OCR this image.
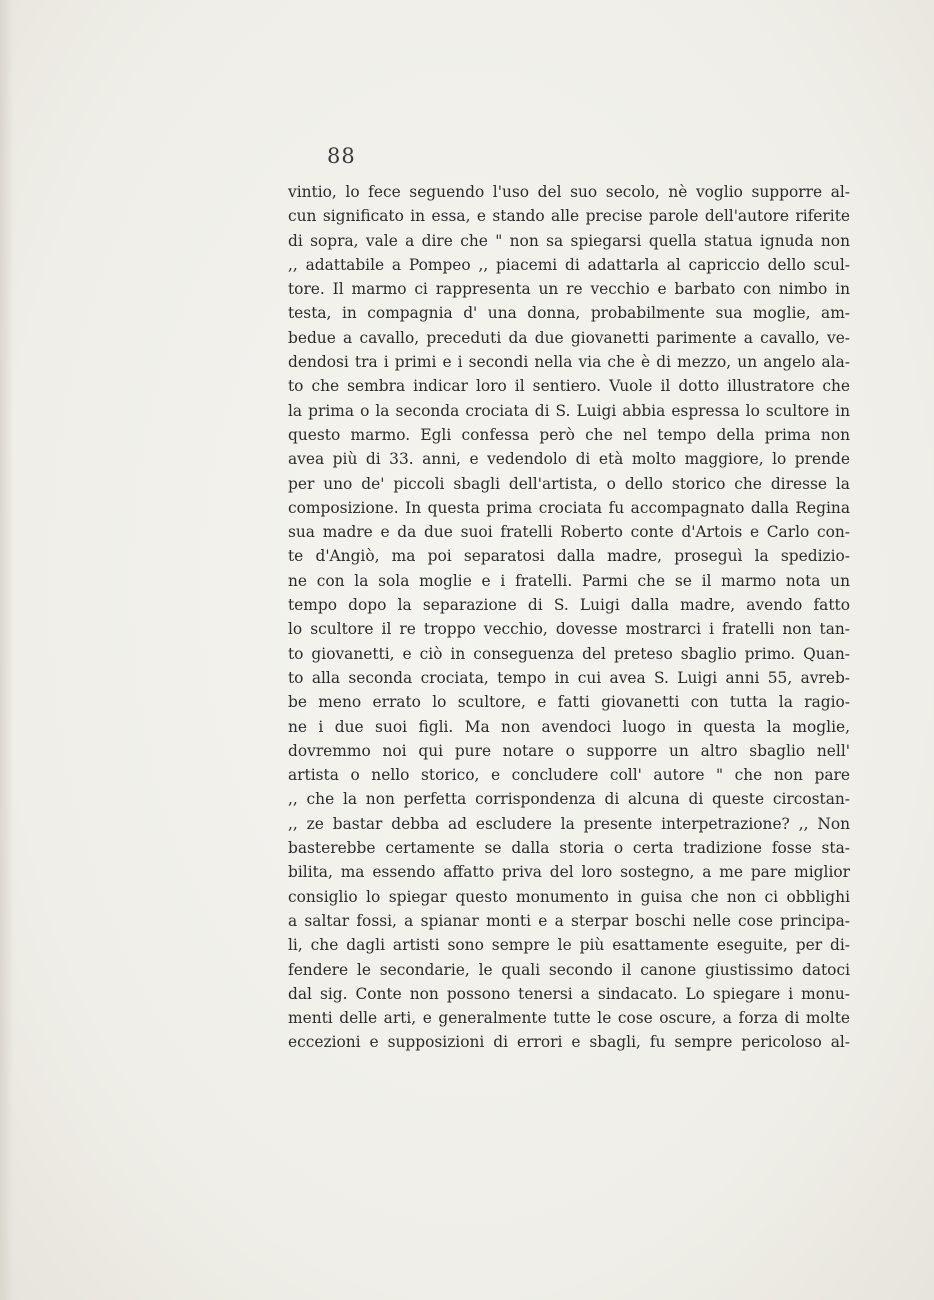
88
vintio, lo fece seguendo l'uso del suo secolo, nè voglio supporre al-
cun significato in essa, e stando alle precise parole dell'autore riferite
di sopra, vale a dire che " non sa spiegarsi quella statua ignuda non
,, adattabile a Pompeo ,, piacemi di adattarla al capriccio dello scul-
tore. Il marmo ci rappresenta un re vecchio e barbato con nimbo in
testa, in compagnia d' una donna, probabilmente sua moglie, am-
bedue a cavallo, preceduti da due giovanetti parimente a cavallo, ve-
dendosi tra i primi e i secondi nella via che è di mezzo, un angelo ala-
to che sembra indicar loro il sentiero. Vuole il dotto illustratore che
la prima o la seconda crociata di S. Luigi abbia espressa lo scultore in
questo marmo. Egli confessa però che nel tempo della prima non
avea più di 33. anni, e vedendolo di età molto maggiore, lo prende
per uno de' piccoli sbagli dell'artista, o dello storico che diresse la
composizione. In questa prima crociata fu accompagnato dalla Regina
sua madre e da due suoi fratelli Roberto conte d'Artois e Carlo con-
te d'Angiò, ma poi separatosi dalla madre, proseguì la spedizio-
ne con la sola moglie e i fratelli. Parmi che se il marmo nota un
tempo dopo la separazione di S. Luigi dalla madre, avendo fatto
lo scultore il re troppo vecchio, dovesse mostrarci i fratelli non tan-
to giovanetti, e ciò in conseguenza del preteso sbaglio primo. Quan-
to alla seconda crociata, tempo in cui avea S. Luigi anni 55, avreb-
be meno errato lo scultore, e fatti giovanetti con tutta la ragio-
ne i due suoi figli. Ma non avendoci luogo in questa la moglie,
dovremmo noi qui pure notare o supporre un altro sbaglio nell'
artista o nello storico, e concludere coll' autore " che non pare
,, che la non perfetta corrispondenza di alcuna di queste circostan-
,, ze bastar debba ad escludere la presente interpetrazione? ,, Non
basterebbe certamente se dalla storia o certa tradizione fosse sta-
bilita, ma essendo affatto priva del loro sostegno, a me pare miglior
consiglio lo spiegar questo monumento in guisa che non ci obblighi
a saltar fossi, a spianar monti e a sterpar boschi nelle cose principa-
li, che dagli artisti sono sempre le più esattamente eseguite, per di-
fendere le secondarie, le quali secondo il canone giustissimo datoci
dal sig. Conte non possono tenersi a sindacato. Lo spiegare i monu-
menti delle arti, e generalmente tutte le cose oscure, a forza di molte
eccezioni e supposizioni di errori e sbagli, fu sempre pericoloso al-
